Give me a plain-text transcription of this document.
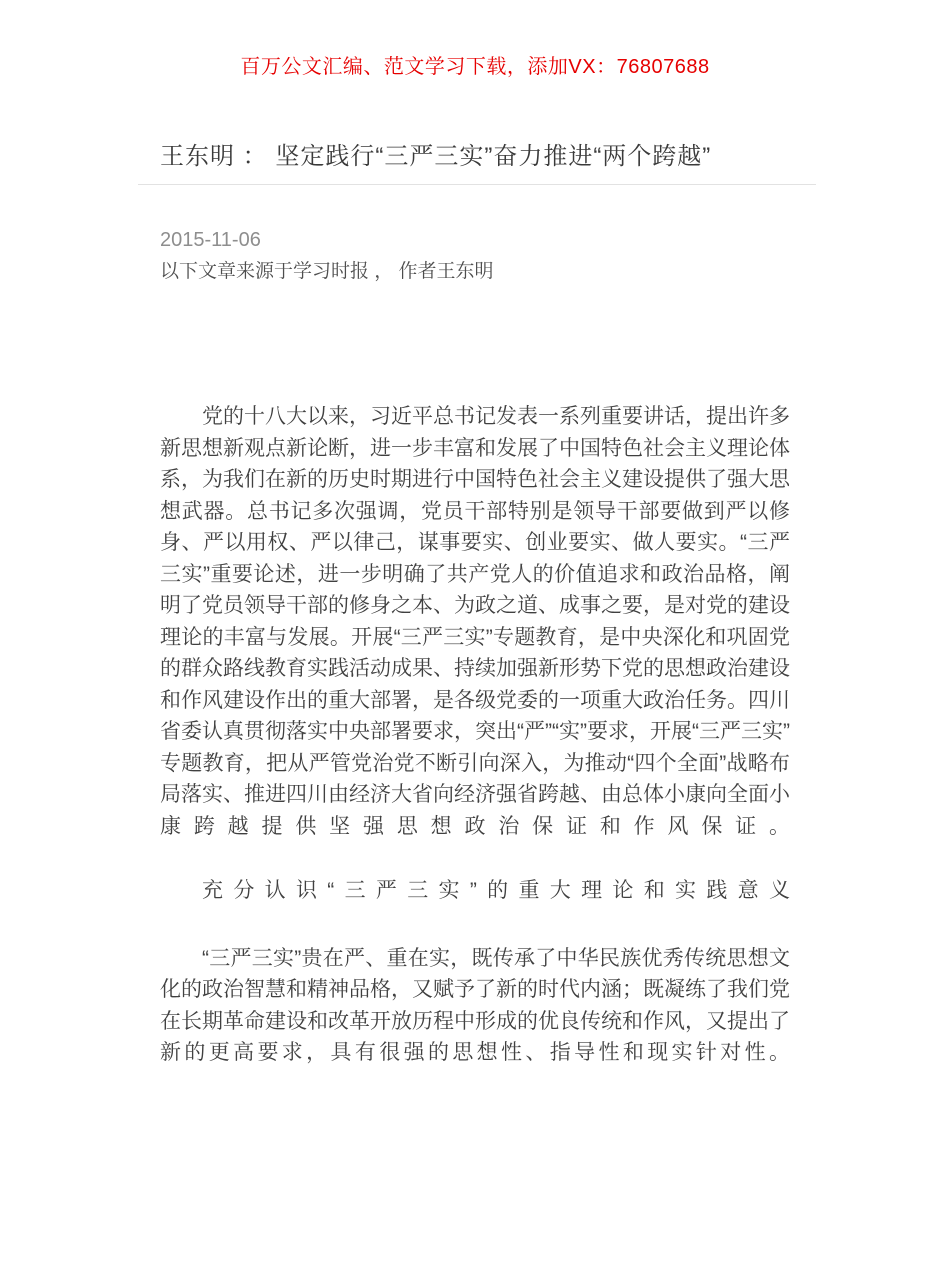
百万公文汇编、范文学习下载，添加VX：76807688
王东明 ： 坚定践行“三严三实”奋力推进“两个跨越”
2015-11-06
以下文章来源于学习时报 ， 作者王东明

党的十八大以来，习近平总书记发表一系列重要讲话，提出许多新思想新观点新论断，进一步丰富和发展了中国特色社会主义理论体系，为我们在新的历史时期进行中国特色社会主义建设提供了强大思想武器。总书记多次强调，党员干部特别是领导干部要做到严以修身、严以用权、严以律己，谋事要实、创业要实、做人要实。“三严三实”重要论述，进一步明确了共产党人的价值追求和政治品格，阐明了党员领导干部的修身之本、为政之道、成事之要，是对党的建设理论的丰富与发展。开展“三严三实”专题教育，是中央深化和巩固党的群众路线教育实践活动成果、持续加强新形势下党的思想政治建设和作风建设作出的重大部署，是各级党委的一项重大政治任务。四川省委认真贯彻落实中央部署要求，突出“严”“实”要求，开展“三严三实”专题教育，把从严管党治党不断引向深入，为推动“四个全面”战略布局落实、推进四川由经济大省向经济强省跨越、由总体小康向全面小康跨越提供坚强思想政治保证和作风保证。

充分认识“三严三实”的重大理论和实践意义

“三严三实”贵在严、重在实，既传承了中华民族优秀传统思想文化的政治智慧和精神品格，又赋予了新的时代内涵；既凝练了我们党在长期革命建设和改革开放历程中形成的优良传统和作风，又提出了新的更高要求，具有很强的思想性、指导性和现实针对性。
